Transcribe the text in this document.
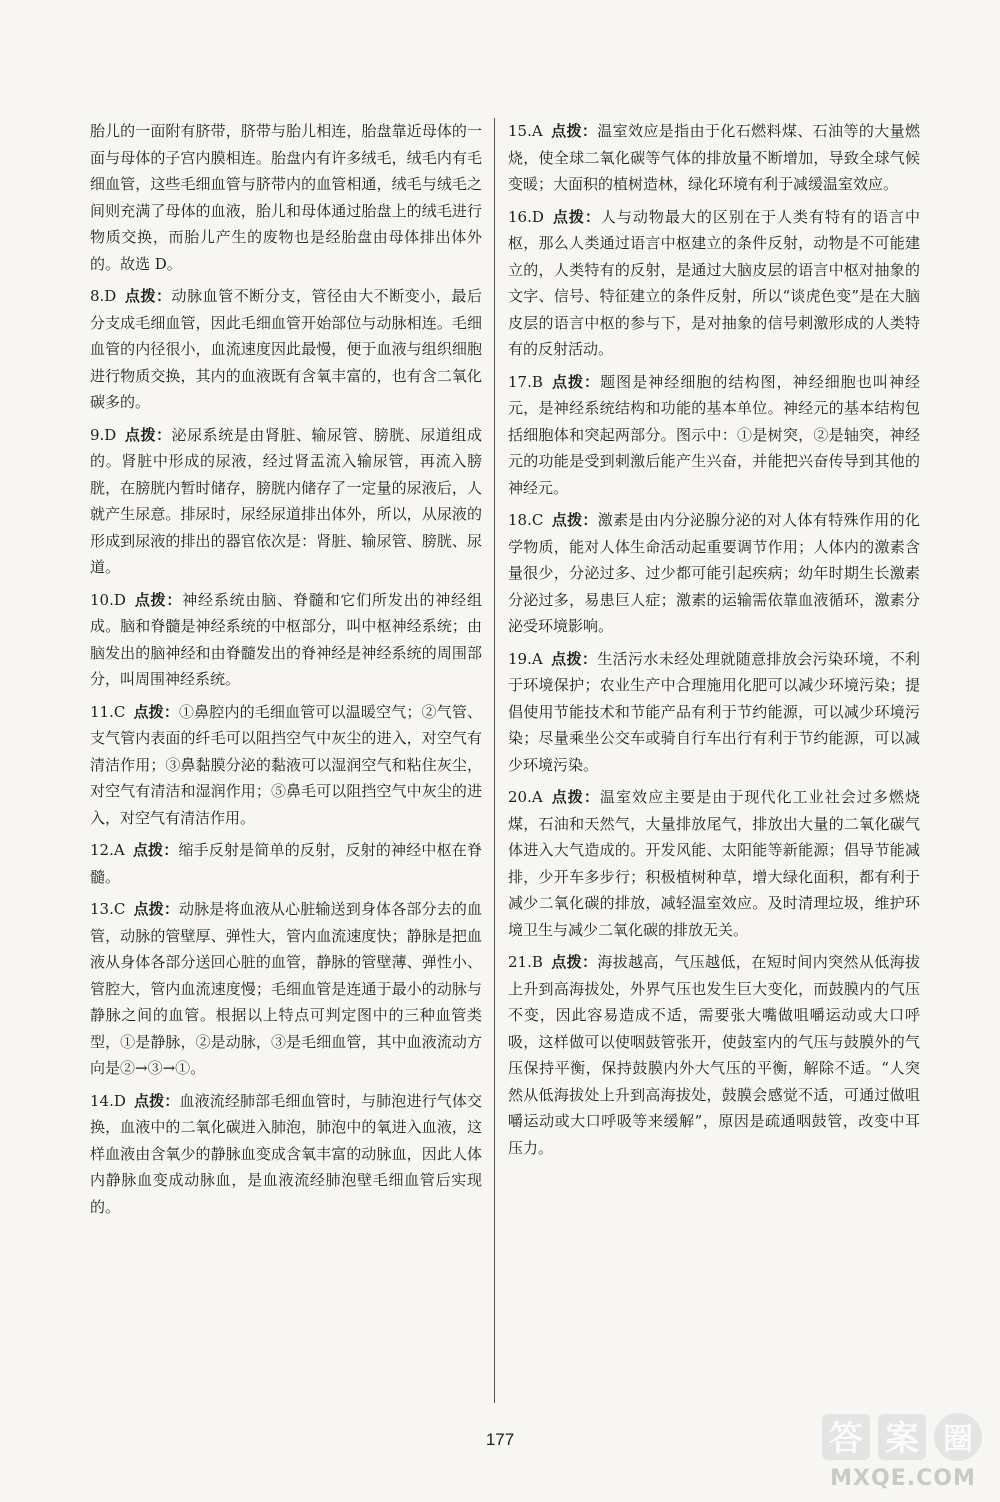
胎儿的一面附有脐带，脐带与胎儿相连，胎盘靠近母体的一面与母体的子宫内膜相连。胎盘内有许多绒毛，绒毛内有毛细血管，这些毛细血管与脐带内的血管相通，绒毛与绒毛之间则充满了母体的血液，胎儿和母体通过胎盘上的绒毛进行物质交换，而胎儿产生的废物也是经胎盘由母体排出体外的。故选 D。

8.D 点拨：动脉血管不断分支，管径由大不断变小，最后分支成毛细血管，因此毛细血管开始部位与动脉相连。毛细血管的内径很小，血流速度因此最慢，便于血液与组织细胞进行物质交换，其内的血液既有含氧丰富的，也有含二氧化碳多的。

9.D 点拨：泌尿系统是由肾脏、输尿管、膀胱、尿道组成的。肾脏中形成的尿液，经过肾盂流入输尿管，再流入膀胱，在膀胱内暂时储存，膀胱内储存了一定量的尿液后，人就产生尿意。排尿时，尿经尿道排出体外，所以，从尿液的形成到尿液的排出的器官依次是：肾脏、输尿管、膀胱、尿道。

10.D 点拨：神经系统由脑、脊髓和它们所发出的神经组成。脑和脊髓是神经系统的中枢部分，叫中枢神经系统；由脑发出的脑神经和由脊髓发出的脊神经是神经系统的周围部分，叫周围神经系统。

11.C 点拨：①鼻腔内的毛细血管可以温暖空气；②气管、支气管内表面的纤毛可以阻挡空气中灰尘的进入，对空气有清洁作用；③鼻黏膜分泌的黏液可以湿润空气和粘住灰尘，对空气有清洁和湿润作用；⑤鼻毛可以阻挡空气中灰尘的进入，对空气有清洁作用。

12.A 点拨：缩手反射是简单的反射，反射的神经中枢在脊髓。

13.C 点拨：动脉是将血液从心脏输送到身体各部分去的血管，动脉的管壁厚、弹性大，管内血流速度快；静脉是把血液从身体各部分送回心脏的血管，静脉的管壁薄、弹性小、管腔大，管内血流速度慢；毛细血管是连通于最小的动脉与静脉之间的血管。根据以上特点可判定图中的三种血管类型，①是静脉，②是动脉，③是毛细血管，其中血液流动方向是②→③→①。

14.D 点拨：血液流经肺部毛细血管时，与肺泡进行气体交换，血液中的二氧化碳进入肺泡，肺泡中的氧进入血液，这样血液由含氧少的静脉血变成含氧丰富的动脉血，因此人体内静脉血变成动脉血，是血液流经肺泡壁毛细血管后实现的。

15.A 点拨：温室效应是指由于化石燃料煤、石油等的大量燃烧，使全球二氧化碳等气体的排放量不断增加，导致全球气候变暖；大面积的植树造林，绿化环境有利于减缓温室效应。

16.D 点拨：人与动物最大的区别在于人类有特有的语言中枢，那么人类通过语言中枢建立的条件反射，动物是不可能建立的，人类特有的反射，是通过大脑皮层的语言中枢对抽象的文字、信号、特征建立的条件反射，所以“谈虎色变”是在大脑皮层的语言中枢的参与下，是对抽象的信号刺激形成的人类特有的反射活动。

17.B 点拨：题图是神经细胞的结构图，神经细胞也叫神经元，是神经系统结构和功能的基本单位。神经元的基本结构包括细胞体和突起两部分。图示中：①是树突，②是轴突，神经元的功能是受到刺激后能产生兴奋，并能把兴奋传导到其他的神经元。

18.C 点拨：激素是由内分泌腺分泌的对人体有特殊作用的化学物质，能对人体生命活动起重要调节作用；人体内的激素含量很少，分泌过多、过少都可能引起疾病；幼年时期生长激素分泌过多，易患巨人症；激素的运输需依靠血液循环，激素分泌受环境影响。

19.A 点拨：生活污水未经处理就随意排放会污染环境，不利于环境保护；农业生产中合理施用化肥可以减少环境污染；提倡使用节能技术和节能产品有利于节约能源，可以减少环境污染；尽量乘坐公交车或骑自行车出行有利于节约能源，可以减少环境污染。

20.A 点拨：温室效应主要是由于现代化工业社会过多燃烧煤，石油和天然气，大量排放尾气，排放出大量的二氧化碳气体进入大气造成的。开发风能、太阳能等新能源；倡导节能减排，少开车多步行；积极植树种草，增大绿化面积，都有利于减少二氧化碳的排放，减轻温室效应。及时清理垃圾，维护环境卫生与减少二氧化碳的排放无关。

21.B 点拨：海拔越高，气压越低，在短时间内突然从低海拔上升到高海拔处，外界气压也发生巨大变化，而鼓膜内的气压不变，因此容易造成不适，需要张大嘴做咀嚼运动或大口呼吸，这样做可以使咽鼓管张开，使鼓室内的气压与鼓膜外的气压保持平衡，保持鼓膜内外大气压的平衡，解除不适。“人突然从低海拔处上升到高海拔处，鼓膜会感觉不适，可通过做咀嚼运动或大口呼吸等来缓解”，原因是疏通咽鼓管，改变中耳压力。

177	答 案 圈
MXQE.COM
